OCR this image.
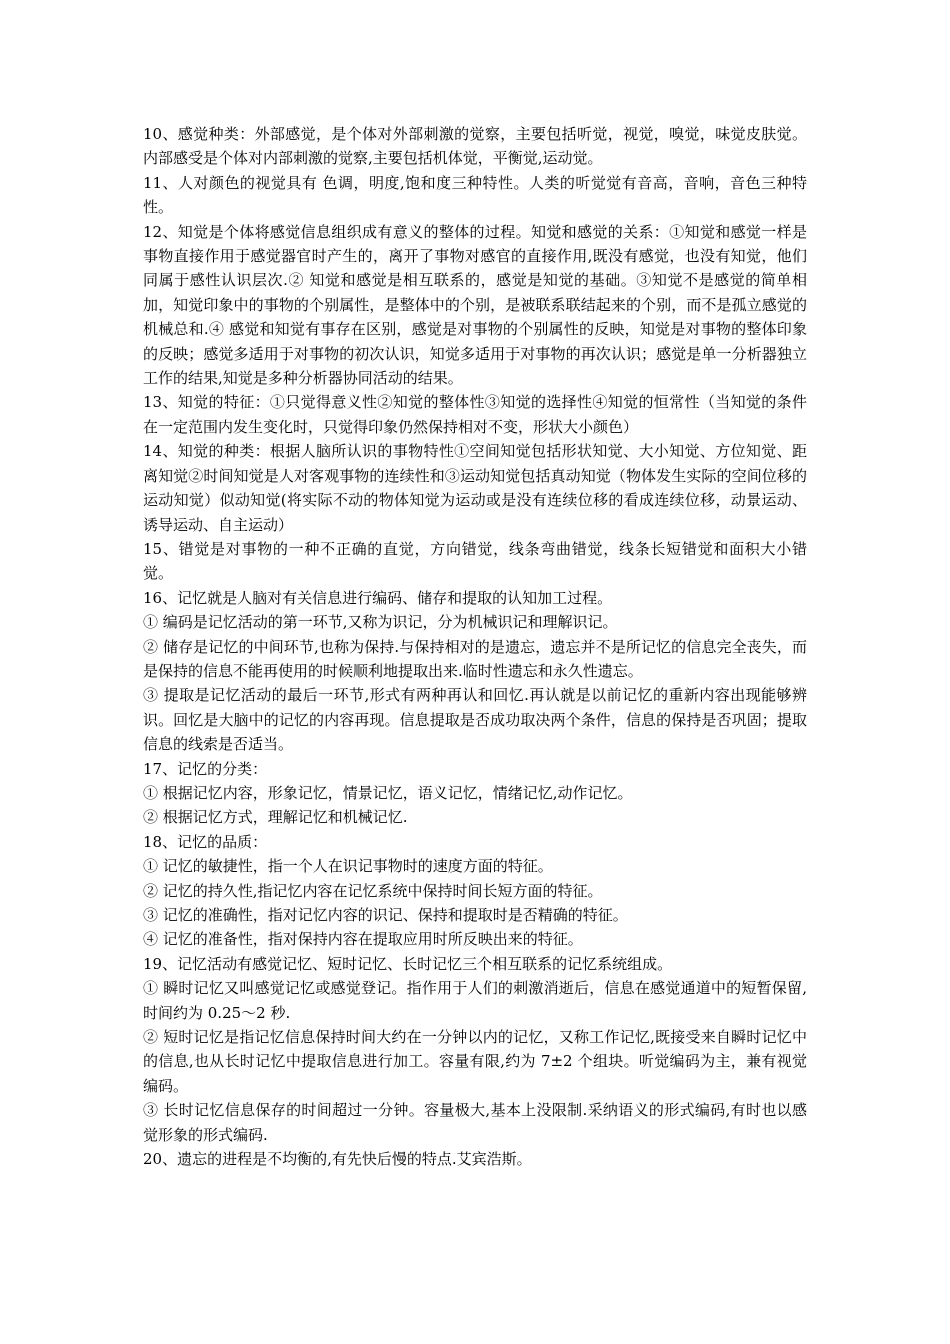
10、感觉种类：外部感觉，是个体对外部刺激的觉察，主要包括听觉，视觉，嗅觉，味觉皮肤觉。 内部感受是个体对内部刺激的觉察,主要包括机体觉，平衡觉,运动觉。

11、人对颜色的视觉具有 色调，明度,饱和度三种特性。人类的听觉觉有音高，音响，音色三种特性。

12、知觉是个体将感觉信息组织成有意义的整体的过程。知觉和感觉的关系：①知觉和感觉一样是事物直接作用于感觉器官时产生的，离开了事物对感官的直接作用,既没有感觉，也没有知觉，他们同属于感性认识层次.② 知觉和感觉是相互联系的，感觉是知觉的基础。③知觉不是感觉的简单相加，知觉印象中的事物的个别属性，是整体中的个别，是被联系联结起来的个别，而不是孤立感觉的机械总和.④ 感觉和知觉有事存在区别，感觉是对事物的个别属性的反映，知觉是对事物的整体印象的反映；感觉多适用于对事物的初次认识，知觉多适用于对事物的再次认识；感觉是单一分析器独立工作的结果,知觉是多种分析器协同活动的结果。

13、知觉的特征：①只觉得意义性②知觉的整体性③知觉的选择性④知觉的恒常性（当知觉的条件在一定范围内发生变化时，只觉得印象仍然保持相对不变，形状大小颜色）

14、知觉的种类：根据人脑所认识的事物特性①空间知觉包括形状知觉、大小知觉、方位知觉、距离知觉②时间知觉是人对客观事物的连续性和③运动知觉包括真动知觉（物体发生实际的空间位移的运动知觉）似动知觉(将实际不动的物体知觉为运动或是没有连续位移的看成连续位移，动景运动、诱导运动、自主运动）

15、错觉是对事物的一种不正确的直觉，方向错觉，线条弯曲错觉，线条长短错觉和面积大小错觉。

16、记忆就是人脑对有关信息进行编码、储存和提取的认知加工过程。

① 编码是记忆活动的第一环节,又称为识记，分为机械识记和理解识记。

② 储存是记忆的中间环节,也称为保持.与保持相对的是遗忘，遗忘并不是所记忆的信息完全丧失，而是保持的信息不能再使用的时候顺利地提取出来.临时性遗忘和永久性遗忘。

③ 提取是记忆活动的最后一环节,形式有两种再认和回忆.再认就是以前记忆的重新内容出现能够辨识。回忆是大脑中的记忆的内容再现。信息提取是否成功取决两个条件，信息的保持是否巩固；提取信息的线索是否适当。

17、记忆的分类：

① 根据记忆内容，形象记忆，情景记忆，语义记忆，情绪记忆,动作记忆。

② 根据记忆方式，理解记忆和机械记忆.

18、记忆的品质：

① 记忆的敏捷性，指一个人在识记事物时的速度方面的特征。

② 记忆的持久性,指记忆内容在记忆系统中保持时间长短方面的特征。

③ 记忆的准确性，指对记忆内容的识记、保持和提取时是否精确的特征。

④ 记忆的准备性，指对保持内容在提取应用时所反映出来的特征。

19、记忆活动有感觉记忆、短时记忆、长时记忆三个相互联系的记忆系统组成。

① 瞬时记忆又叫感觉记忆或感觉登记。指作用于人们的刺激消逝后，信息在感觉通道中的短暂保留,时间约为 0.25～2 秒.

② 短时记忆是指记忆信息保持时间大约在一分钟以内的记忆，又称工作记忆,既接受来自瞬时记忆中的信息,也从长时记忆中提取信息进行加工。容量有限,约为 7±2 个组块。听觉编码为主，兼有视觉编码。

③ 长时记忆信息保存的时间超过一分钟。容量极大,基本上没限制.采纳语义的形式编码,有时也以感觉形象的形式编码.

20、遗忘的进程是不均衡的,有先快后慢的特点.艾宾浩斯。
